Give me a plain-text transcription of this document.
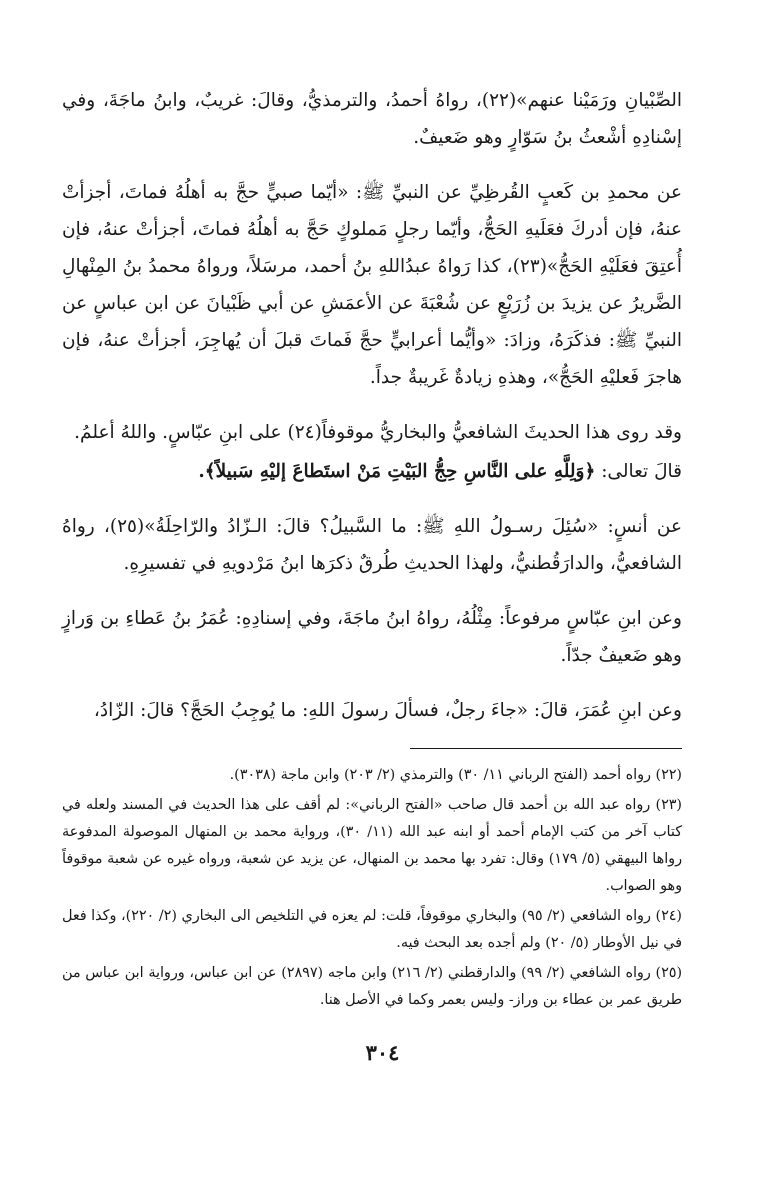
الصِّبْيانِ ورَمَيْنا عنهم»(٢٢)، رواهُ أحمدُ، والترمذيُّ، وقالَ: غريبٌ، وابنُ ماجَةَ، وفي إسْنادِهِ أشْعثُ بنُ سَوّارٍ وهو ضَعيفٌ.

عن محمدِ بن كَعبٍ القُرظِيِّ عن النبيِّ ﷺ: «أيّما صبيٍّ حجَّ به أهلُهُ فماتَ، أجزأتْ عنهُ، فإن أدركَ فعَلَيهِ الحَجُّ، وأيّما رجلٍ مَملوكٍ حَجَّ به أهلُهُ فماتَ، أجزأتْ عنهُ، فإن أُعتِقَ فعَلَيْهِ الحَجُّ»(٢٣)، كذا رَواهُ عبدُاللهِ بنُ أحمد، مرسَلاً، ورواهُ محمدُ بنُ المِنْهالِ الضَّريرُ عن يزيدَ بن زُرَيْعٍ عن شُعْبَةَ عن الأعمَشِ عن أبي ظَبْيانَ عن ابن عباسٍ عن النبيِّ ﷺ: فذكَرَهُ، وزادَ: «وأيُّما أعرابيٍّ حجَّ فَماتَ قبلَ أن يُهاجِرَ، أجزأتْ عنهُ، فإن هاجرَ فَعليْهِ الحَجُّ»، وهذهِ زيادةٌ غَريبةٌ جداً.

وقد روى هذا الحديثَ الشافعيُّ والبخاريُّ موقوفاً(٢٤) على ابنِ عبّاسٍ. واللهُ أعلمُ.

قالَ تعالى: ﴿وَلِلَّهِ على النَّاسِ حِجُّ البَيْتِ مَنْ استَطاعَ إليْهِ سَبيلاً﴾.

عن أنسٍ: «سُئِلَ رسـولُ اللهِ ﷺ: ما السَّبيلُ؟ قالَ: الـزّادُ والرّاحِلَةُ»(٢٥)، رواهُ الشافعيُّ، والدارَقُطنيُّ، ولهذا الحديثِ طُرقٌ ذكرَها ابنُ مَرْدويهِ في تفسيرِهِ.

وعن ابنِ عبّاسٍ مرفوعاً: مِثْلُهُ، رواهُ ابنُ ماجَةَ، وفي إسنادِهِ: عُمَرُ بنُ عَطاءِ بن وَرازٍ وهو ضَعيفٌ جدّاً.

وعن ابنِ عُمَرَ، قالَ: «جاءَ رجلٌ، فسألَ رسولَ اللهِ: ما يُوجِبُ الحَجَّ؟ قالَ: الزّادُ،

(٢٢) رواه أحمد (الفتح الرباني ١١/ ٣٠) والترمذي (٢/ ٢٠٣) وابن ماجة (٣٠٣٨).

(٢٣) رواه عبد الله بن أحمد قال صاحب «الفتح الرباني»: لم أقف على هذا الحديث في المسند ولعله في كتاب آخر من كتب الإمام أحمد أو ابنه عبد الله (١١/ ٣٠)، ورواية محمد بن المنهال الموصولة المدفوعة رواها البيهقي (٥/ ١٧٩) وقال: تفرد بها محمد بن المنهال، عن يزيد عن شعبة، ورواه غيره عن شعبة موقوفاً وهو الصواب.

(٢٤) رواه الشافعي (٢/ ٩٥) والبخاري موقوفاً، قلت: لم يعزه في التلخيص الى البخاري (٢/ ٢٢٠)، وكذا فعل في نيل الأوطار (٥/ ٢٠) ولم أجده بعد البحث فيه.

(٢٥) رواه الشافعي (٢/ ٩٩) والدارقطني (٢/ ٢١٦) وابن ماجه (٢٨٩٧) عن ابن عباس، ورواية ابن عباس من طريق عمر بن عطاء بن وراز- وليس بعمر وكما في الأصل هنا.

٣٠٤
